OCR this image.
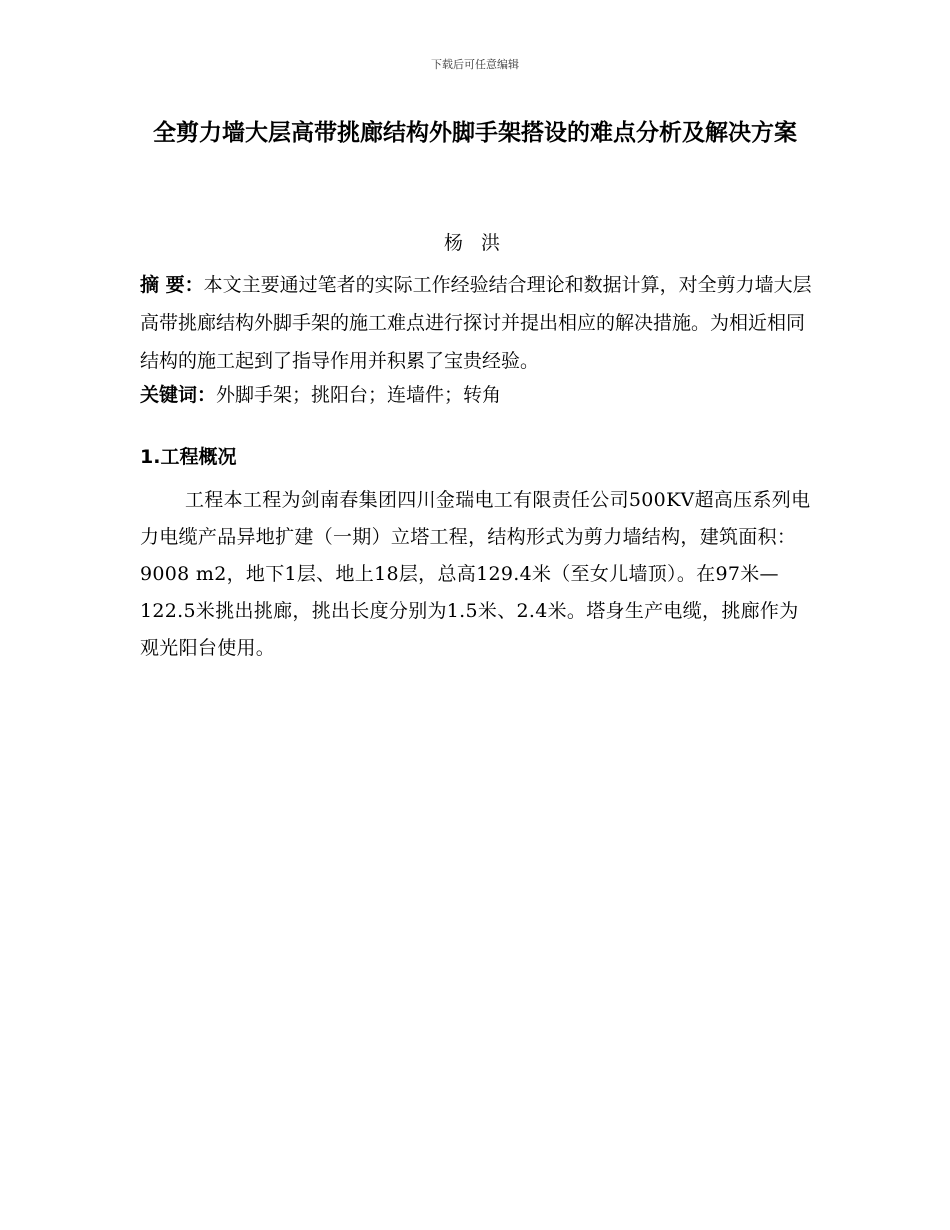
下载后可任意编辑
全剪力墙大层高带挑廊结构外脚手架搭设的难点分析及解决方案
杨 洪

摘 要：本文主要通过笔者的实际工作经验结合理论和数据计算，对全剪力墙大层高带挑廊结构外脚手架的施工难点进行探讨并提出相应的解决措施。为相近相同结构的施工起到了指导作用并积累了宝贵经验。

关键词：外脚手架；挑阳台；连墙件；转角

1.工程概况

工程本工程为剑南春集团四川金瑞电工有限责任公司500KV超高压系列电力电缆产品异地扩建（一期）立塔工程，结构形式为剪力墙结构，建筑面积：9008 m2，地下1层、地上18层，总高129.4米（至女儿墙顶）。在97米—122.5米挑出挑廊，挑出长度分别为1.5米、2.4米。塔身生产电缆，挑廊作为观光阳台使用。
